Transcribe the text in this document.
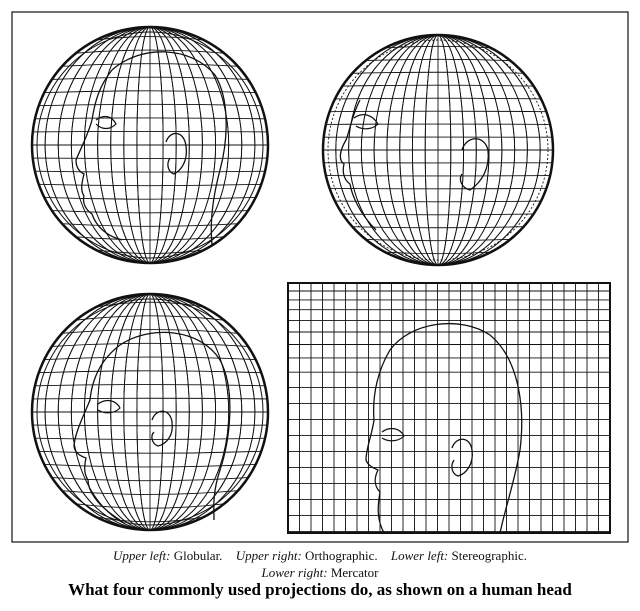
Upper left: Globular. Upper right: Orthographic. Lower left: Stereographic.
Lower right: Mercator
What four commonly used projections do, as shown on a human head
